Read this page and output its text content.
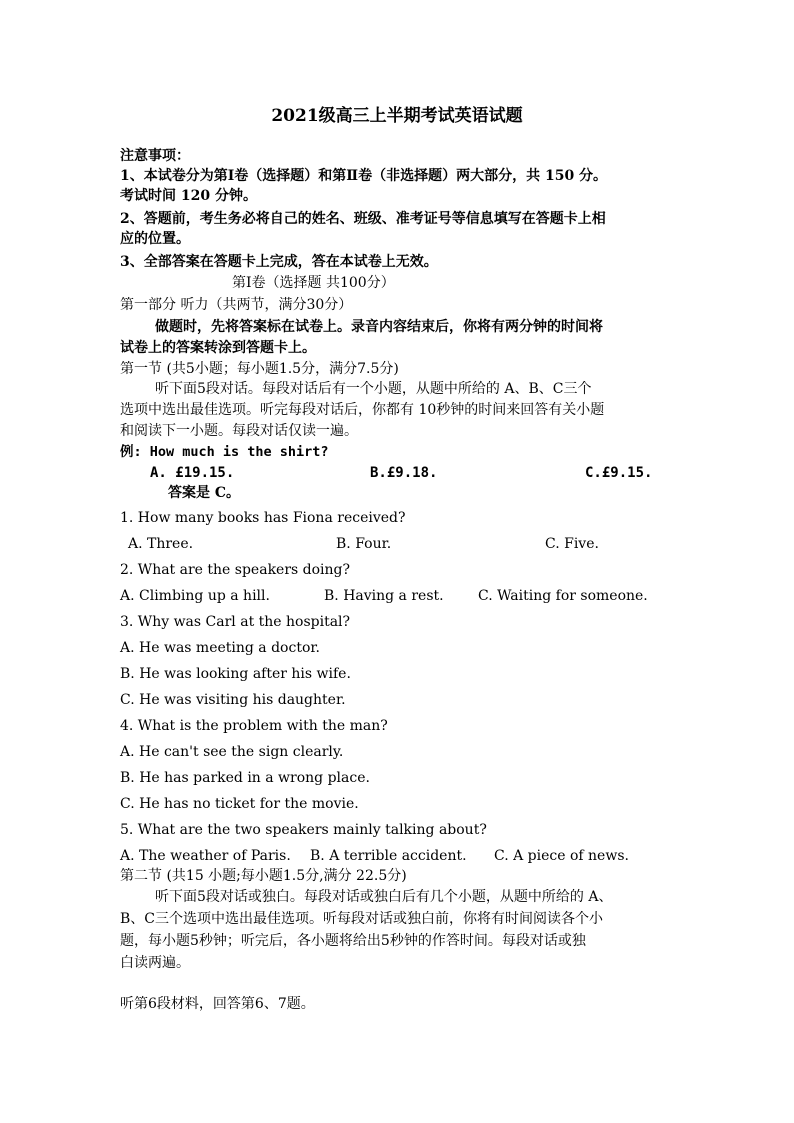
2021级高三上半期考试英语试题
注意事项：
1、本试卷分为第Ⅰ卷（选择题）和第Ⅱ卷（非选择题）两大部分，共 150 分。
考试时间 120 分钟。
2、答题前，考生务必将自己的姓名、班级、准考证号等信息填写在答题卡上相
应的位置。
3、全部答案在答题卡上完成，答在本试卷上无效。
第Ⅰ卷（选择题 共100分）
第一部分 听力（共两节，满分30分）
做题时，先将答案标在试卷上。录音内容结束后，你将有两分钟的时间将
试卷上的答案转涂到答题卡上。
第一节 (共5小题；每小题1.5分，满分7.5分)
听下面5段对话。每段对话后有一个小题，从题中所给的 A、B、C三个
选项中选出最佳选项。听完每段对话后，你都有 10秒钟的时间来回答有关小题
和阅读下一小题。每段对话仅读一遍。
例: How much is the shirt?
A. £19.15.	B.£9.18.	C.£9.15.
答案是 C。
1. How many books has Fiona received?
A. Three.	B. Four.	C. Five.
2. What are the speakers doing?
A. Climbing up a hill.	B. Having a rest. C. Waiting for someone.
3. Why was Carl at the hospital?
A. He was meeting a doctor.
B. He was looking after his wife.
C. He was visiting his daughter.
4. What is the problem with the man?
A. He can't see the sign clearly.
B. He has parked in a wrong place.
C. He has no ticket for the movie.
5. What are the two speakers mainly talking about?
A. The weather of Paris. B. A terrible accident. C. A piece of news.
第二节 (共15 小题;每小题1.5分,满分 22.5分)
听下面5段对话或独白。每段对话或独白后有几个小题，从题中所给的 A、
B、C三个选项中选出最佳选项。听每段对话或独白前，你将有时间阅读各个小
题，每小题5秒钟；听完后，各小题将给出5秒钟的作答时间。每段对话或独
白读两遍。
听第6段材料，回答第6、7题。
